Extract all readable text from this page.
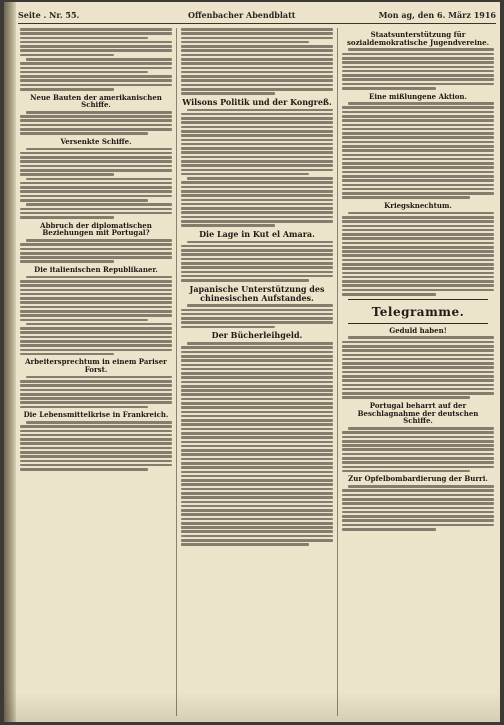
Seite . Nr. 55.	Offenbacher Abendblatt	Mon ag, den 6. März 1916
Neue Bauten der amerikanischen Schiffe.
Versenkte Schiffe.
Abbruch der diplomatischen Beziehungen mit Portugal?
Die italienischen Republikaner.
Arbeitersprechtum in einem Pariser Forst.
Die Lebensmittelkrise in Frankreich.
Wilsons Politik und der Kongreß.
Die Lage in Kut el Amara.
Japanische Unterstützung des chinesischen Aufstandes.
Der Bücherleihgeld.
Staatsunterstützung für sozialdemokratische Jugendvereine.
Eine mißlungene Aktion.
Kriegsknechtum.
Telegramme.
Geduld haben!
Portugal beharrt auf der Beschlagnahme der deutschen Schiffe.
Zur Opfelbombardierung der Burri.
